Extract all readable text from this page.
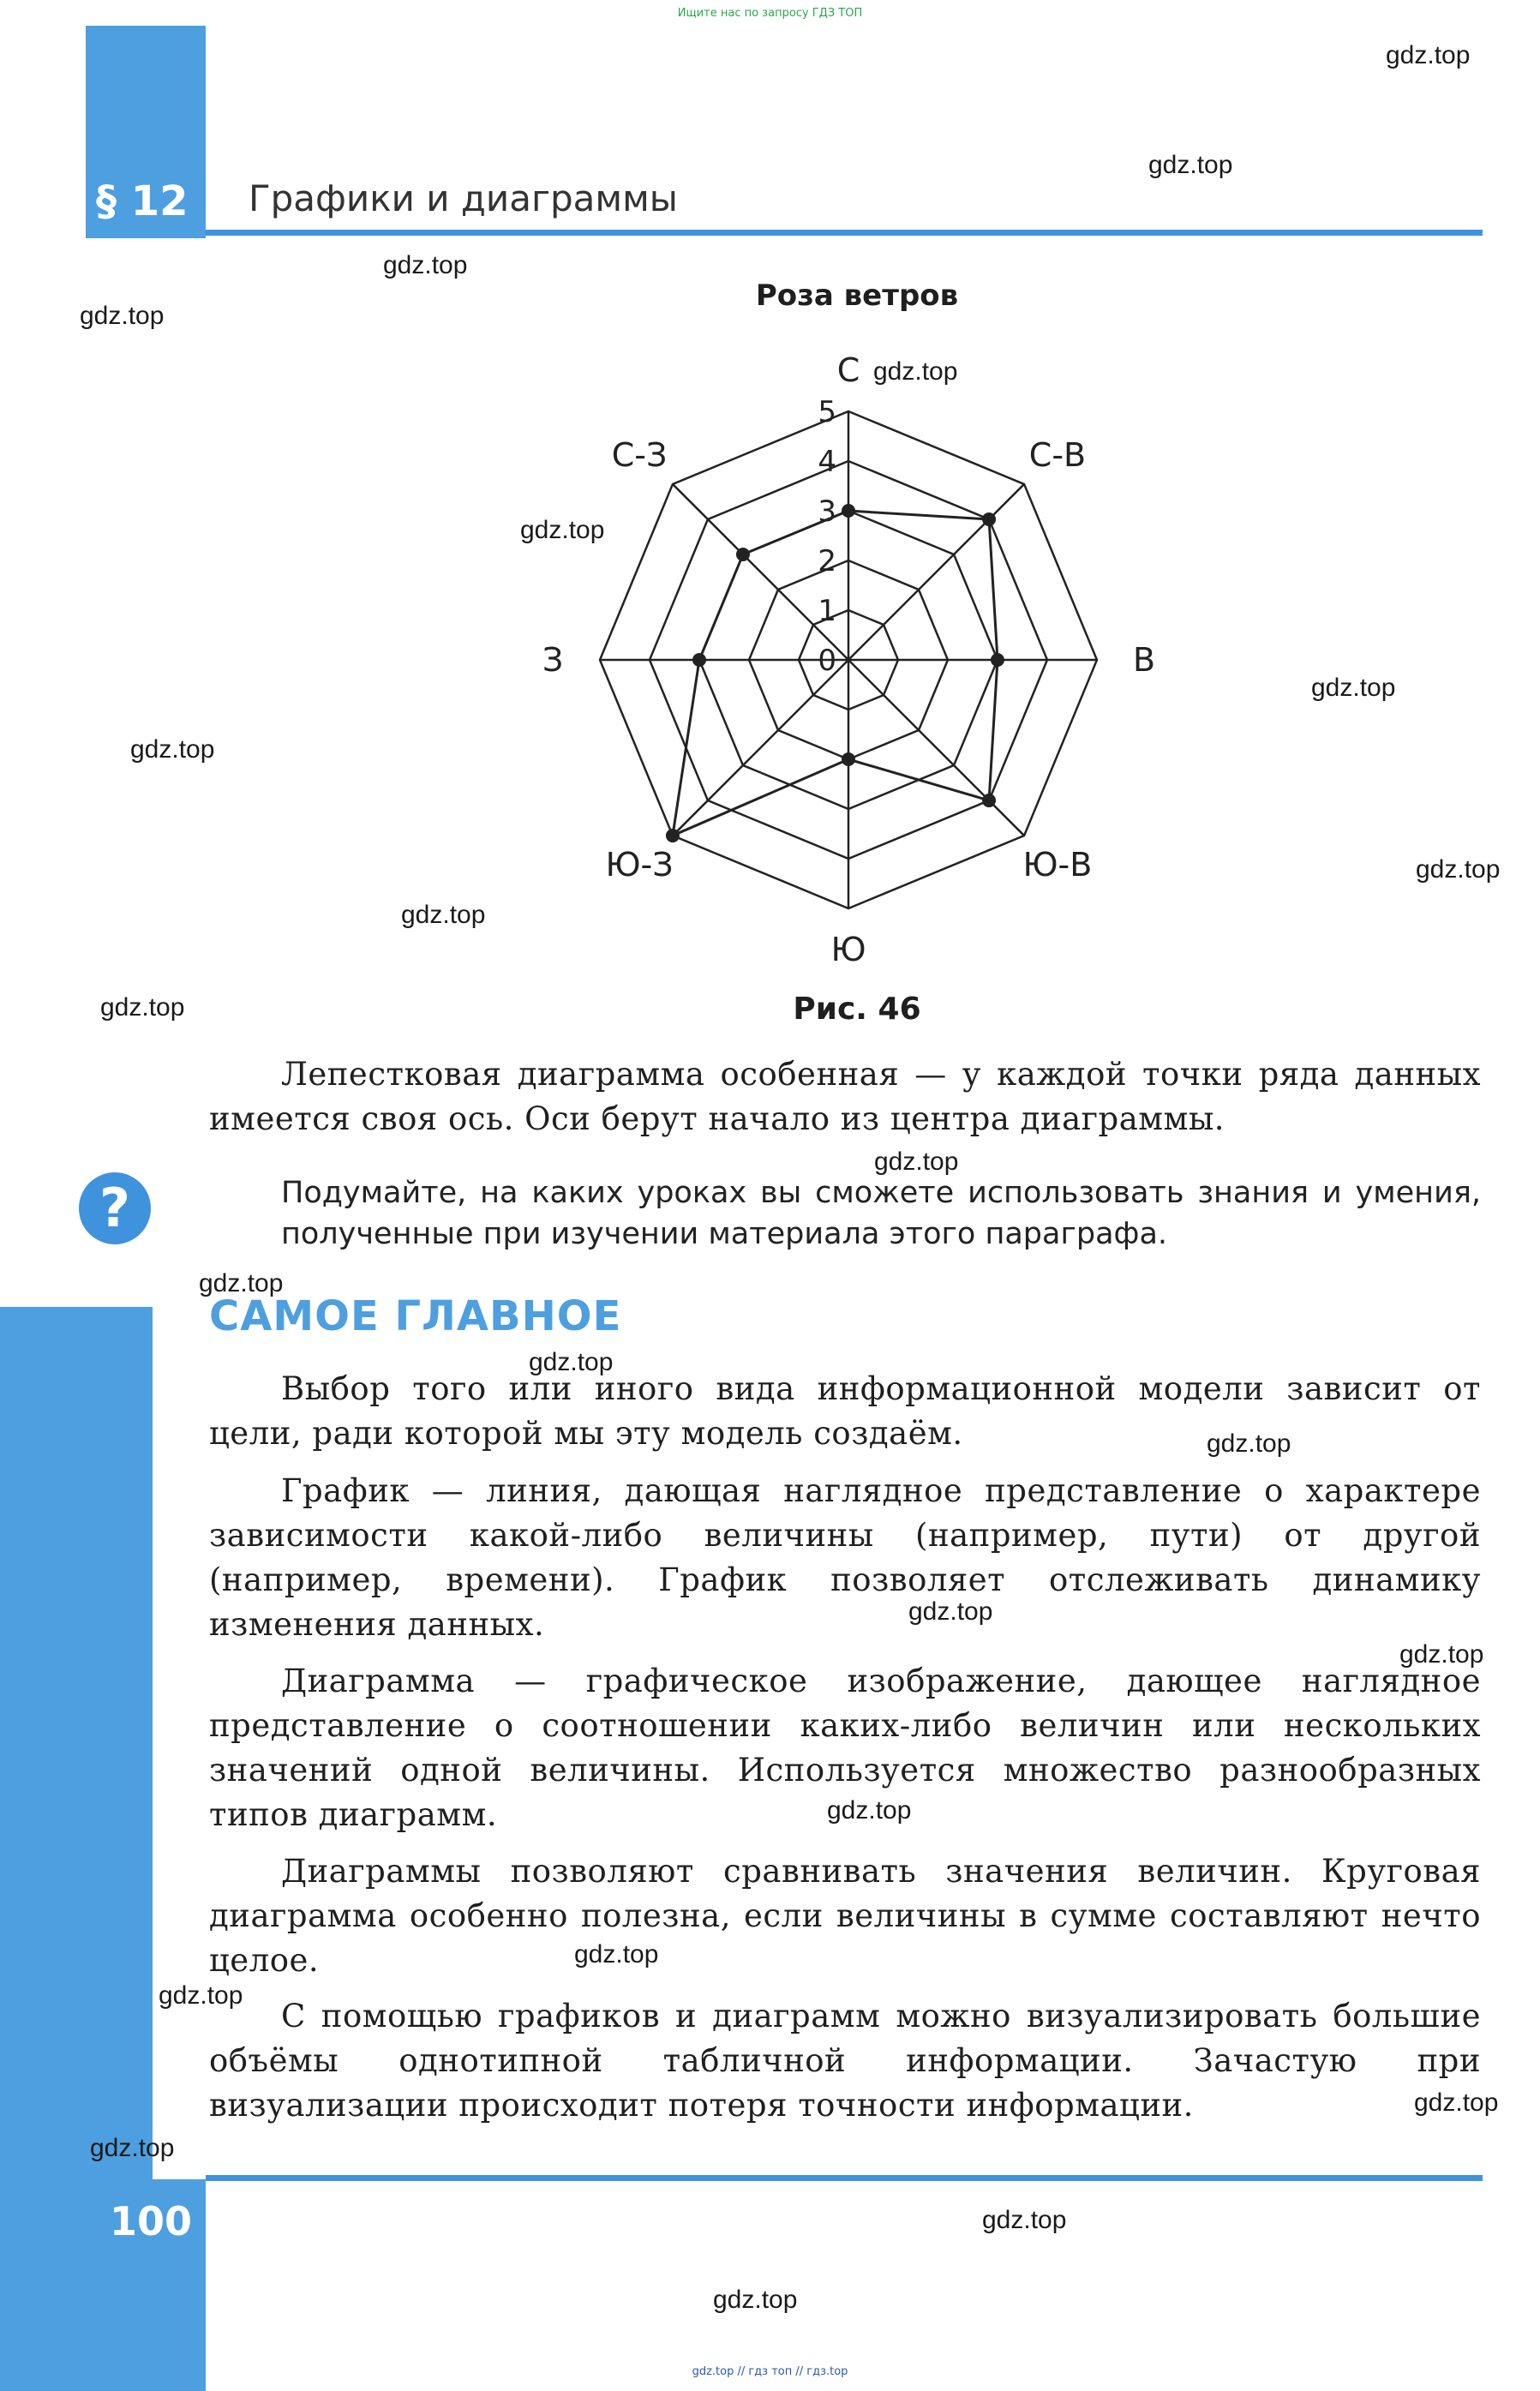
Ищите нас по запросу ГДЗ ТОП
§ 12 Графики и диаграммы
Роза ветров
0
1
2
3
4
5
С
С-В
В
Ю-В
Ю
Ю-З
З
С-З
Рис. 46
Лепестковая диаграмма особенная — у каждой точки ряда данных имеется своя ось. Оси берут начало из центра диаграммы.
?	Подумайте, на каких уроках вы сможете использовать знания и умения, полученные при изучении материала этого параграфа.
САМОЕ ГЛАВНОЕ
Выбор того или иного вида информационной модели зависит от цели, ради которой мы эту модель создаём.
График — линия, дающая наглядное представление о характере зависимости какой-либо величины (например, пути) от другой (например, времени). График позволяет отслеживать динамику изменения данных.
Диаграмма — графическое изображение, дающее наглядное представление о соотношении каких-либо величин или нескольких значений одной величины. Используется множество разнообразных типов диаграмм.
Диаграммы позволяют сравнивать значения величин. Круговая диаграмма особенно полезна, если величины в сумме составляют нечто целое.
С помощью графиков и диаграмм можно визуализировать большие объёмы однотипной табличной информации. Зачастую при визуализации происходит потеря точности информации.
100
gdz.top // гдз топ // гдз.top
gdz.top
gdz.top
gdz.top
gdz.top
gdz.top
gdz.top
gdz.top
gdz.top
gdz.top
gdz.top
gdz.top
gdz.top
gdz.top
gdz.top
gdz.top
gdz.top
gdz.top
gdz.top
gdz.top
gdz.top
gdz.top
gdz.top
gdz.top
gdz.top
